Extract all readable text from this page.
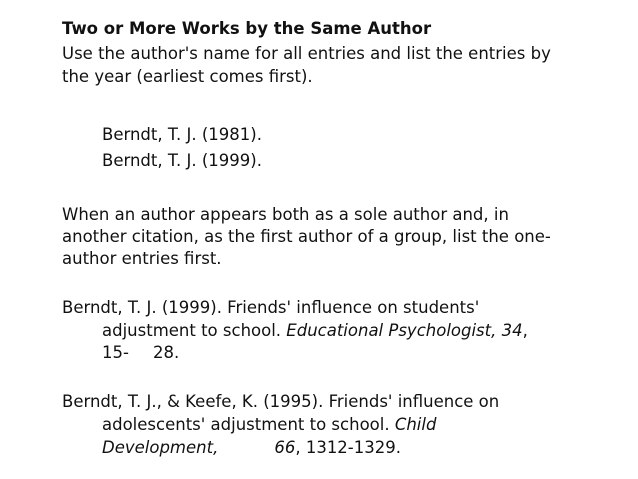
Two or More Works by the Same Author
Use the author's name for all entries and list the entries by
the year (earliest comes first).
Berndt, T. J. (1981).
Berndt, T. J. (1999).
When an author appears both as a sole author and, in
another citation, as the first author of a group, list the one-
author entries first.
Berndt, T. J. (1999). Friends' influence on students'
adjustment to school. Educational Psychologist, 34,
15- 28.
Berndt, T. J., & Keefe, K. (1995). Friends' influence on
adolescents' adjustment to school. Child
Development,	66, 1312-1329.
